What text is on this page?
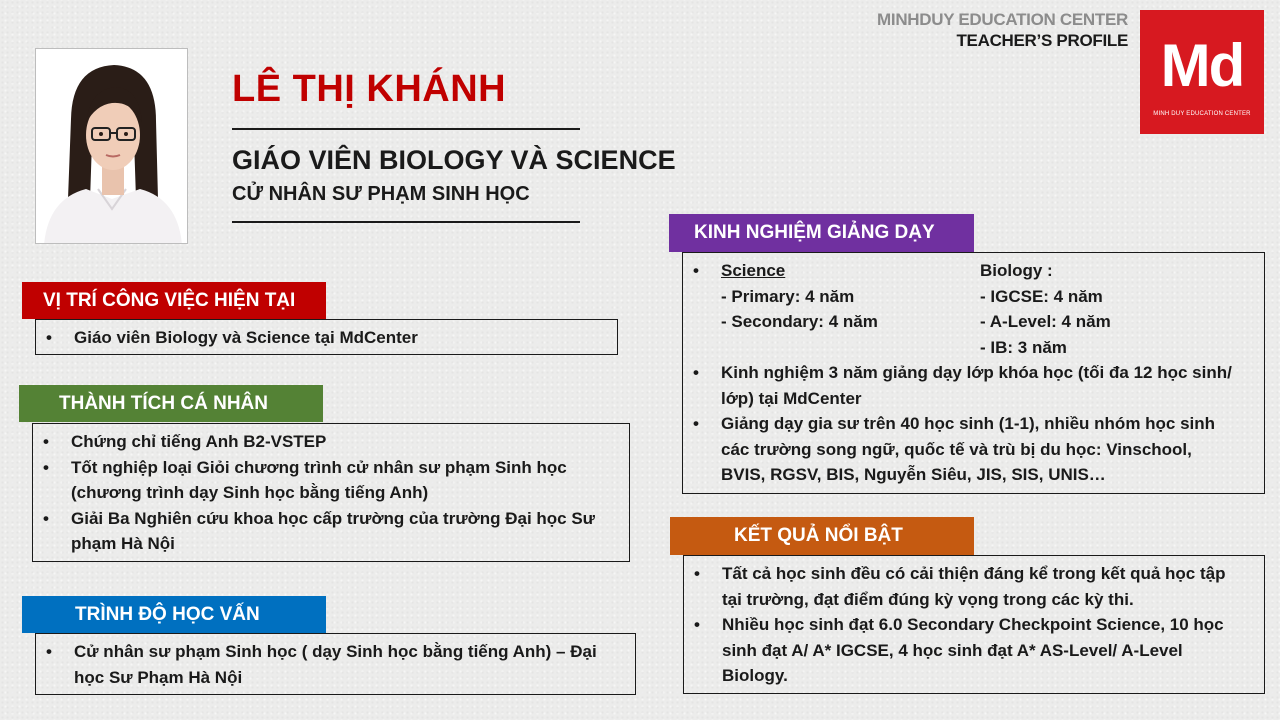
LÊ THỊ KHÁNH
GIÁO VIÊN BIOLOGY VÀ SCIENCE
CỬ NHÂN SƯ PHẠM SINH HỌC
MINHDUY EDUCATION CENTER
TEACHER’S PROFILE Md
MINH DUY EDUCATION CENTER
VỊ TRÍ CÔNG VIỆC HIỆN TẠI
• Giáo viên Biology và Science tại MdCenter
THÀNH TÍCH CÁ NHÂN
• Chứng chỉ tiếng Anh B2-VSTEP
• Tốt nghiệp loại Giỏi chương trình cử nhân sư phạm Sinh học (chương trình dạy Sinh học bằng tiếng Anh)
• Giải Ba Nghiên cứu khoa học cấp trường của trường Đại học Sư phạm Hà Nội
TRÌNH ĐỘ HỌC VẤN
• Cử nhân sư phạm Sinh học ( dạy Sinh học bằng tiếng Anh) – Đại học Sư Phạm Hà Nội
KINH NGHIỆM GIẢNG DẠY
• Science
- Primary: 4 năm
- Secondary: 4 năm
Biology :
- IGCSE: 4 năm
- A-Level: 4 năm
- IB: 3 năm
• Kinh nghiệm 3 năm giảng dạy lớp khóa học (tối đa 12 học sinh/ lớp) tại MdCenter
• Giảng dạy gia sư trên 40 học sinh (1-1), nhiều nhóm học sinh các trường song ngữ, quốc tế và trù bị du học: Vinschool, BVIS, RGSV, BIS, Nguyễn Siêu, JIS, SIS, UNIS…
KẾT QUẢ NỔI BẬT
• Tất cả học sinh đều có cải thiện đáng kể trong kết quả học tập tại trường, đạt điểm đúng kỳ vọng trong các kỳ thi.
• Nhiều học sinh đạt 6.0 Secondary Checkpoint Science, 10 học sinh đạt A/ A* IGCSE, 4 học sinh đạt A* AS-Level/ A-Level Biology.
